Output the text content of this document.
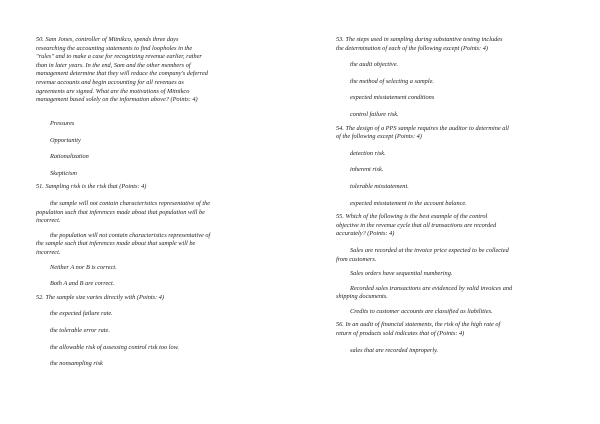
50. Sam Jones, controller of Mitnikco, spends three days
researching the accounting statements to find loopholes in the
"rules" and to make a case for recognizing revenue earlier, rather
than in later years. In the end, Sam and the other members of
management determine that they will reduce the company's deferred
revenue accounts and begin accounting for all revenues as
agreements are signed. What are the motivations of Mitnikco
management based solely on the information above? (Points: 4)
Pressures
Opportunity
Rationalization
Skepticism
51. Sampling risk is the risk that (Points: 4)
the sample will not contain characteristics representative of the
population such that inferences made about that population will be
incorrect.
the population will not contain characteristics representative of
the sample such that inferences made about that sample will be
incorrect.
Neither A nor B is correct.
Both A and B are correct.
52. The sample size varies directly with (Points: 4)
the expected failure rate.
the tolerable error rate.
the allowable risk of assessing control risk too low.
the nonsampling risk
53. The steps used in sampling during substantive testing includes
the determination of each of the following except (Points: 4)
the audit objective.
the method of selecting a sample.
expected misstatement conditions
control failure risk.
54. The design of a PPS sample requires the auditor to determine all
of the following except (Points: 4)
detection risk.
inherent risk.
tolerable misstatement.
expected misstatement in the account balance.
55. Which of the following is the best example of the control
objective in the revenue cycle that all transactions are recorded
accurately? (Points: 4)
Sales are recorded at the invoice price expected to be collected
from customers.
Sales orders have sequential numbering.
Recorded sales transactions are evidenced by valid invoices and
shipping documents.
Credits to customer accounts are classified as liabilities.
56. In an audit of financial statements, the risk of the high rate of
return of products sold indicates that of (Points: 4)
sales that are recorded improperly.
